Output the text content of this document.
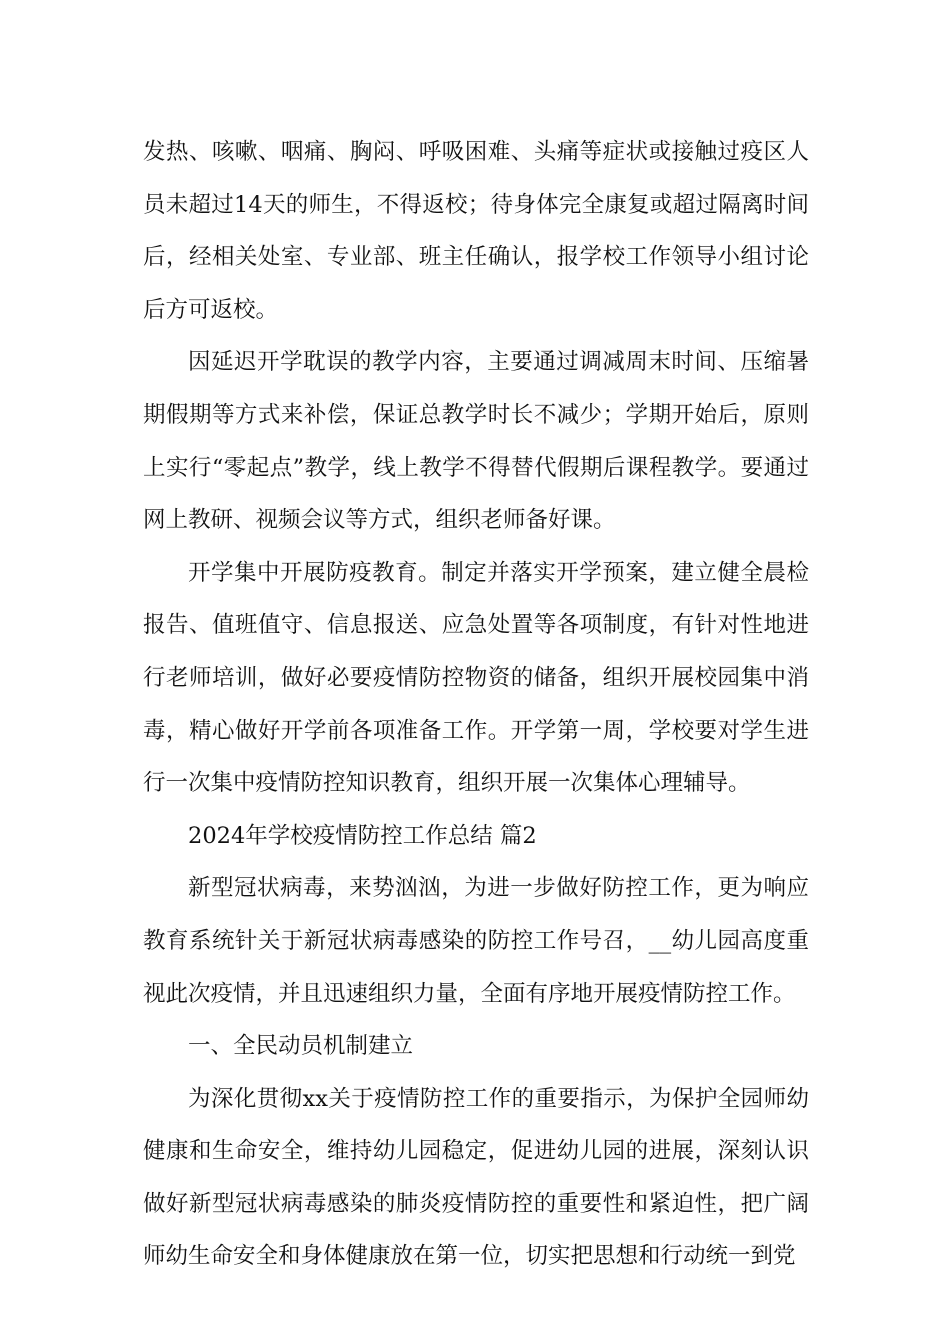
发热、咳嗽、咽痛、胸闷、呼吸困难、头痛等症状或接触过疫区人员未超过14天的师生，不得返校；待身体完全康复或超过隔离时间后，经相关处室、专业部、班主任确认，报学校工作领导小组讨论后方可返校。

因延迟开学耽误的教学内容，主要通过调减周末时间、压缩暑期假期等方式来补偿，保证总教学时长不减少；学期开始后，原则上实行“零起点”教学，线上教学不得替代假期后课程教学。要通过网上教研、视频会议等方式，组织老师备好课。

开学集中开展防疫教育。制定并落实开学预案，建立健全晨检报告、值班值守、信息报送、应急处置等各项制度，有针对性地进行老师培训，做好必要疫情防控物资的储备，组织开展校园集中消毒，精心做好开学前各项准备工作。开学第一周，学校要对学生进行一次集中疫情防控知识教育，组织开展一次集体心理辅导。

2024年学校疫情防控工作总结 篇2

新型冠状病毒，来势汹汹，为进一步做好防控工作，更为响应教育系统针关于新冠状病毒感染的防控工作号召，__幼儿园高度重视此次疫情，并且迅速组织力量，全面有序地开展疫情防控工作。

一、全民动员机制建立

为深化贯彻xx关于疫情防控工作的重要指示，为保护全园师幼健康和生命安全，维持幼儿园稳定，促进幼儿园的进展，深刻认识做好新型冠状病毒感染的肺炎疫情防控的重要性和紧迫性，把广阔师幼生命安全和身体健康放在第一位，切实把思想和行动统一到党
